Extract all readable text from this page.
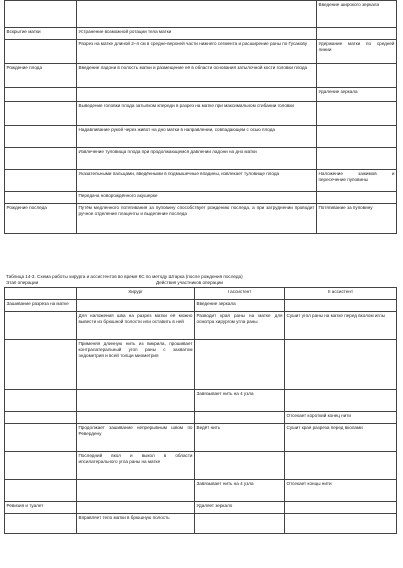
		Введение широкого зеркала
Вскрытие матки	Устранение возможной ротации тела матки	
	Разрез на матке длиной 2–4 см в средне-верхней части нижнего сегмента и расширение раны по Гусакову	Удержание матки по средней линии
Рождение плода	Введение ладони в полость матки и размещение её в области основания затылочной кости головки плода	
		Удаление зеркала
	Выведение головки плода затылком кпереди в разрез на матке при максимальном сгибании головки	
	Надавливание рукой через живот на дно матки в направлении, совпадающем с осью плода	
	Извлечение туловища плода при продолжающемся давлении ладони на дно матки	
	Указательными пальцами, введёнными в подмышечные впадины, извлекает туловище плода	Наложение зажимов и пересечение пуповины
	Передача новорождённого акушерке	
Рождение последа	Путём медленного потягивания за пуповину способствует рождению последа, а при затруднении проводит ручное отделение плаценты и выделение последа	Потягивание за пуповину
Таблица 14-3. Схема работы хирурга и ассистентов во время КС по методу Штарка (после рождения последа)
Этап операции	Действия участников операции
	Хирург	I ассистент	II ассистент
Зашивание разреза на матке		Введение зеркала	
	Для наложения шва на разрез матки её можно вывести из брюшной полости или оставить в ней	Разводит края раны на матке для осмотра хирургом угла раны	Сушит угол раны на матке перед вколом иглы
	Применяя длинную нить из викрила, прошивает контралатеральный угол раны с захватом эндометрия и всей толщи миометрия		
		Завязывает нить на 4 узла	
			Отсекает короткий конец нити
	Продолжает зашивание непрерывным швом по Ревердену	Ведёт нить	Сушит края разреза перед вколами
	Последний вкол и выкол в области ипсилатерального угла раны на матке		
		Завязывает нить на 4 узла	Отсекает концы нити
Ревизия и туалет		Удаляет зеркало	
	Вправляет тело матки в брюшную полость		
